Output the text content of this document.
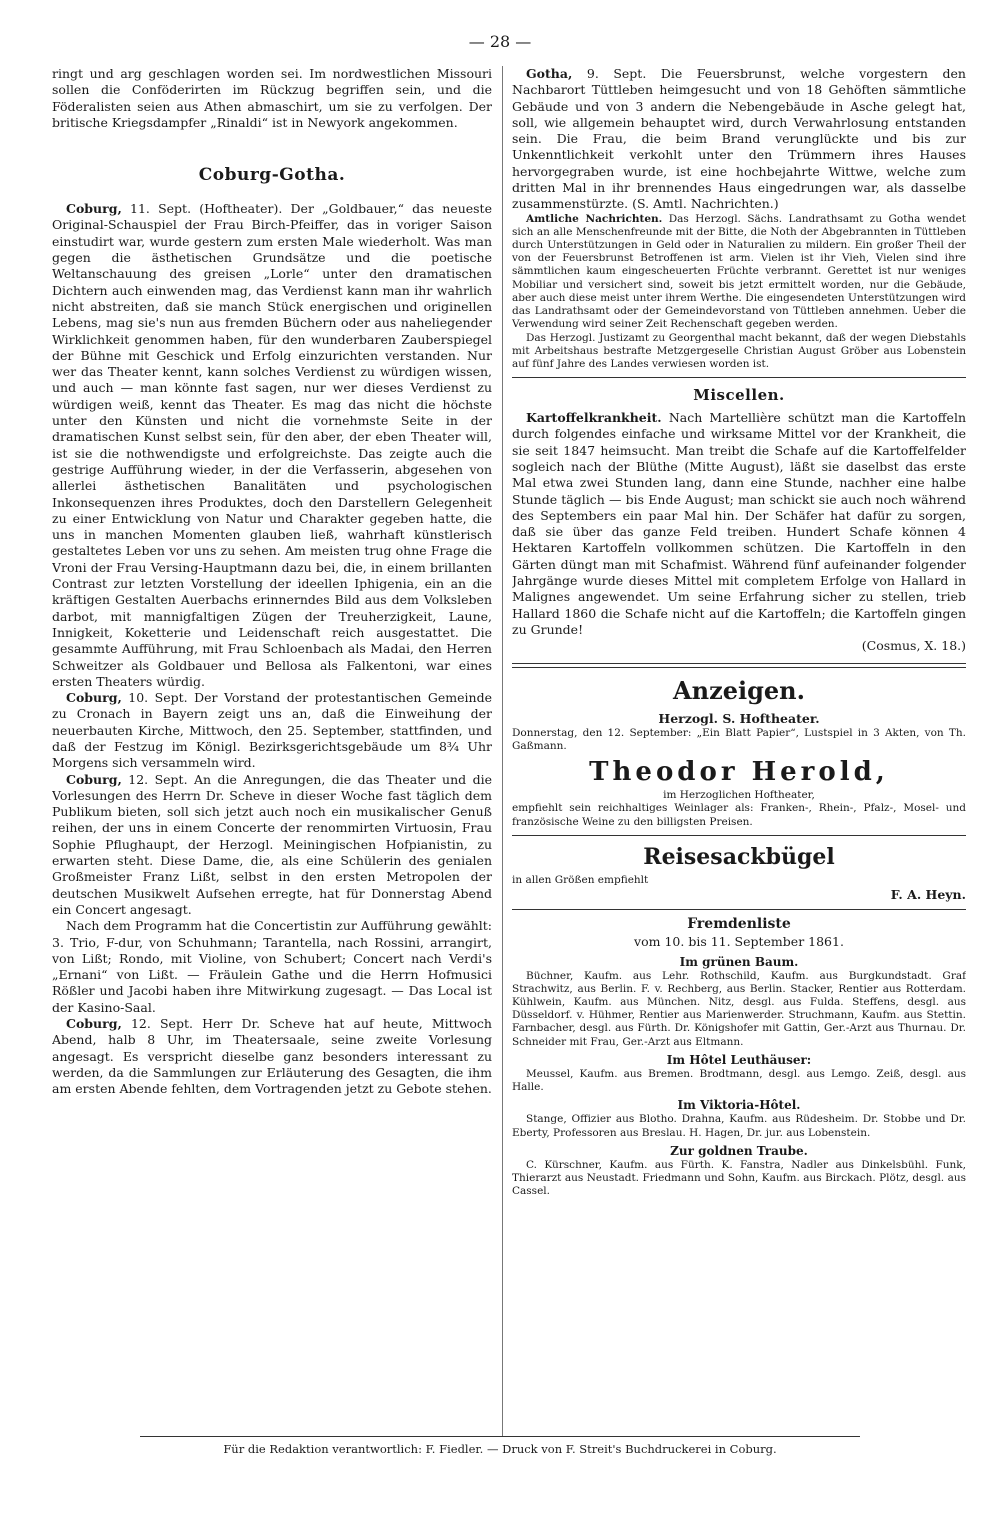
— 28 —

ringt und arg geschlagen worden sei. Im nordwestlichen Missouri sollen die Conföderirten im Rückzug begriffen sein, und die Föderalisten seien aus Athen abmaschirt, um sie zu verfolgen. Der britische Kriegsdampfer „Rinaldi“ ist in Newyork angekommen.

Coburg-Gotha.

Coburg, 11. Sept. (Hoftheater). Der „Goldbauer,“ das neueste Original-Schauspiel der Frau Birch-Pfeiffer, das in voriger Saison einstudirt war, wurde gestern zum ersten Male wiederholt. Was man gegen die ästhetischen Grundsätze und die poetische Weltanschauung des greisen „Lorle“ unter den dramatischen Dichtern auch einwenden mag, das Verdienst kann man ihr wahrlich nicht abstreiten, daß sie manch Stück energischen und originellen Lebens, mag sie's nun aus fremden Büchern oder aus naheliegender Wirklichkeit genommen haben, für den wunderbaren Zauberspiegel der Bühne mit Geschick und Erfolg einzurichten verstanden. Nur wer das Theater kennt, kann solches Verdienst zu würdigen wissen, und auch — man könnte fast sagen, nur wer dieses Verdienst zu würdigen weiß, kennt das Theater. Es mag das nicht die höchste unter den Künsten und nicht die vornehmste Seite in der dramatischen Kunst selbst sein, für den aber, der eben Theater will, ist sie die nothwendigste und erfolgreichste. Das zeigte auch die gestrige Aufführung wieder, in der die Verfasserin, abgesehen von allerlei ästhetischen Banalitäten und psychologischen Inkonsequenzen ihres Produktes, doch den Darstellern Gelegenheit zu einer Entwicklung von Natur und Charakter gegeben hatte, die uns in manchen Momenten glauben ließ, wahrhaft künstlerisch gestaltetes Leben vor uns zu sehen. Am meisten trug ohne Frage die Vroni der Frau Versing-Hauptmann dazu bei, die, in einem brillanten Contrast zur letzten Vorstellung der ideellen Iphigenia, ein an die kräftigen Gestalten Auerbachs erinnerndes Bild aus dem Volksleben darbot, mit mannigfaltigen Zügen der Treuherzigkeit, Laune, Innigkeit, Koketterie und Leidenschaft reich ausgestattet. Die gesammte Aufführung, mit Frau Schloenbach als Madai, den Herren Schweitzer als Goldbauer und Bellosa als Falkentoni, war eines ersten Theaters würdig.

Coburg, 10. Sept. Der Vorstand der protestantischen Gemeinde zu Cronach in Bayern zeigt uns an, daß die Einweihung der neuerbauten Kirche, Mittwoch, den 25. September, stattfinden, und daß der Festzug im Königl. Bezirksgerichtsgebäude um 8¾ Uhr Morgens sich versammeln wird.

Coburg, 12. Sept. An die Anregungen, die das Theater und die Vorlesungen des Herrn Dr. Scheve in dieser Woche fast täglich dem Publikum bieten, soll sich jetzt auch noch ein musikalischer Genuß reihen, der uns in einem Concerte der renommirten Virtuosin, Frau Sophie Pflughaupt, der Herzogl. Meiningischen Hofpianistin, zu erwarten steht. Diese Dame, die, als eine Schülerin des genialen Großmeister Franz Lißt, selbst in den ersten Metropolen der deutschen Musikwelt Aufsehen erregte, hat für Donnerstag Abend ein Concert angesagt.

Nach dem Programm hat die Concertistin zur Aufführung gewählt: 3. Trio, F-dur, von Schuhmann; Tarantella, nach Rossini, arrangirt, von Lißt; Rondo, mit Violine, von Schubert; Concert nach Verdi's „Ernani“ von Lißt. — Fräulein Gathe und die Herrn Hofmusici Rößler und Jacobi haben ihre Mitwirkung zugesagt. — Das Local ist der Kasino-Saal.

Coburg, 12. Sept. Herr Dr. Scheve hat auf heute, Mittwoch Abend, halb 8 Uhr, im Theatersaale, seine zweite Vorlesung angesagt. Es verspricht dieselbe ganz besonders interessant zu werden, da die Sammlungen zur Erläuterung des Gesagten, die ihm am ersten Abende fehlten, dem Vortragenden jetzt zu Gebote stehen.

Gotha, 9. Sept. Die Feuersbrunst, welche vorgestern den Nachbarort Tüttleben heimgesucht und von 18 Gehöften sämmtliche Gebäude und von 3 andern die Nebengebäude in Asche gelegt hat, soll, wie allgemein behauptet wird, durch Verwahrlosung entstanden sein. Die Frau, die beim Brand verunglückte und bis zur Unkenntlichkeit verkohlt unter den Trümmern ihres Hauses hervorgegraben wurde, ist eine hochbejahrte Wittwe, welche zum dritten Mal in ihr brennendes Haus eingedrungen war, als dasselbe zusammenstürzte. (S. Amtl. Nachrichten.)

Amtliche Nachrichten. Das Herzogl. Sächs. Landrathsamt zu Gotha wendet sich an alle Menschenfreunde mit der Bitte, die Noth der Abgebrannten in Tüttleben durch Unterstützungen in Geld oder in Naturalien zu mildern. Ein großer Theil der von der Feuersbrunst Betroffenen ist arm. Vielen ist ihr Vieh, Vielen sind ihre sämmtlichen kaum eingescheuerten Früchte verbrannt. Gerettet ist nur weniges Mobiliar und versichert sind, soweit bis jetzt ermittelt worden, nur die Gebäude, aber auch diese meist unter ihrem Werthe. Die eingesendeten Unterstützungen wird das Landrathsamt oder der Gemeindevorstand von Tüttleben annehmen. Ueber die Verwendung wird seiner Zeit Rechenschaft gegeben werden.

Das Herzogl. Justizamt zu Georgenthal macht bekannt, daß der wegen Diebstahls mit Arbeitshaus bestrafte Metzgergeselle Christian August Gröber aus Lobenstein auf fünf Jahre des Landes verwiesen worden ist.

Miscellen.

Kartoffelkrankheit. Nach Martellière schützt man die Kartoffeln durch folgendes einfache und wirksame Mittel vor der Krankheit, die sie seit 1847 heimsucht. Man treibt die Schafe auf die Kartoffelfelder sogleich nach der Blüthe (Mitte August), läßt sie daselbst das erste Mal etwa zwei Stunden lang, dann eine Stunde, nachher eine halbe Stunde täglich — bis Ende August; man schickt sie auch noch während des Septembers ein paar Mal hin. Der Schäfer hat dafür zu sorgen, daß sie über das ganze Feld treiben. Hundert Schafe können 4 Hektaren Kartoffeln vollkommen schützen. Die Kartoffeln in den Gärten düngt man mit Schafmist. Während fünf aufeinander folgender Jahrgänge wurde dieses Mittel mit completem Erfolge von Hallard in Malignes angewendet. Um seine Erfahrung sicher zu stellen, trieb Hallard 1860 die Schafe nicht auf die Kartoffeln; die Kartoffeln gingen zu Grunde!

(Cosmus, X. 18.)

Anzeigen.
Herzogl. S. Hoftheater.

Donnerstag, den 12. September: „Ein Blatt Papier“, Lustspiel in 3 Akten, von Th. Gaßmann.

Theodor Herold,
im Herzoglichen Hoftheater,

empfiehlt sein reichhaltiges Weinlager als: Franken-, Rhein-, Pfalz-, Mosel- und französische Weine zu den billigsten Preisen.

Reisesackbügel

in allen Größen empfiehlt

F. A. Heyn.

Fremdenliste
vom 10. bis 11. September 1861.
Im grünen Baum.

Büchner, Kaufm. aus Lehr. Rothschild, Kaufm. aus Burgkundstadt. Graf Strachwitz, aus Berlin. F. v. Rechberg, aus Berlin. Stacker, Rentier aus Rotterdam. Kühlwein, Kaufm. aus München. Nitz, desgl. aus Fulda. Steffens, desgl. aus Düsseldorf. v. Hühmer, Rentier aus Marienwerder. Struchmann, Kaufm. aus Stettin. Farnbacher, desgl. aus Fürth. Dr. Königshofer mit Gattin, Ger.-Arzt aus Thurnau. Dr. Schneider mit Frau, Ger.-Arzt aus Eltmann.

Im Hôtel Leuthäuser:

Meussel, Kaufm. aus Bremen. Brodtmann, desgl. aus Lemgo. Zeiß, desgl. aus Halle.

Im Viktoria-Hôtel.

Stange, Offizier aus Blotho. Drahna, Kaufm. aus Rüdesheim. Dr. Stobbe und Dr. Eberty, Professoren aus Breslau. H. Hagen, Dr. jur. aus Lobenstein.

Zur goldnen Traube.

C. Kürschner, Kaufm. aus Fürth. K. Fanstra, Nadler aus Dinkelsbühl. Funk, Thierarzt aus Neustadt. Friedmann und Sohn, Kaufm. aus Birckach. Plötz, desgl. aus Cassel.

Für die Redaktion verantwortlich: F. Fiedler. — Druck von F. Streit's Buchdruckerei in Coburg.
